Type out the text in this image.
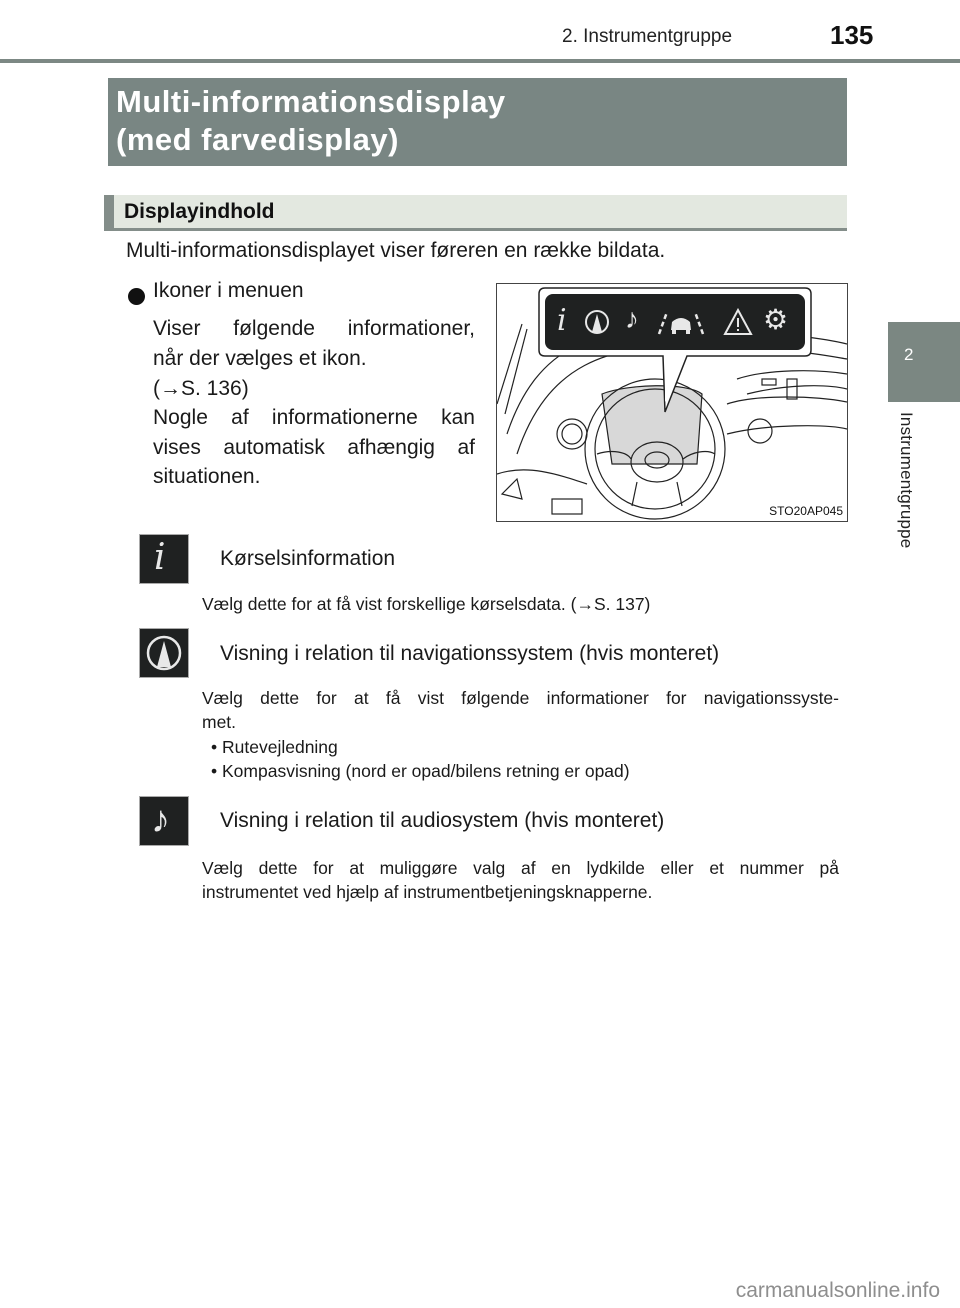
2. Instrumentgruppe	135
2
Instrumentgruppe
Multi-informationsdisplay
(med farvedisplay)
Displayindhold
Multi-informationsdisplayet viser føreren en række bildata.
Ikoner i menuen
Viser følgende informationer,
når der vælges et ikon.
(→S. 136)
Nogle af informationerne kan
vises automatisk afhængig af
situationen.
i ♪	⚙
STO20AP045
i	Kørselsinformation
Vælg dette for at få vist forskellige kørselsdata. (→S. 137)
Visning i relation til navigationssystem (hvis monteret)
Vælg dette for at få vist følgende informationer for navigationssyste-
met.
• Rutevejledning
• Kompasvisning (nord er opad/bilens retning er opad)
♪ Visning i relation til audiosystem (hvis monteret)
Vælg dette for at muliggøre valg af en lydkilde eller et nummer på
instrumentet ved hjælp af instrumentbetjeningsknapperne.
carmanualsonline.info
